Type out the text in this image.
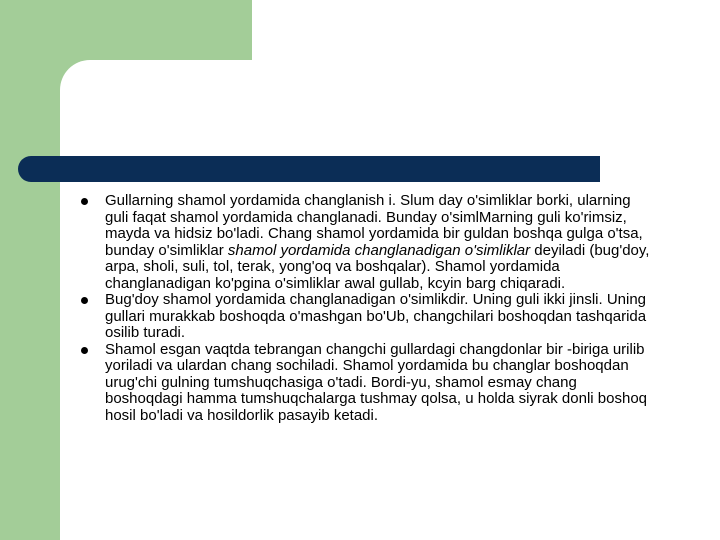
Gullarning shamol yordamida changlanish i. Slum day o'simliklar borki, ularning guli faqat shamol yordamida changlanadi. Bunday o'simlMarning guli ko'rimsiz, mayda va hidsiz bo'ladi. Chang shamol yordamida bir guldan boshqa gulga o'tsa, bunday o'simliklar shamol yordamida changlanadigan o'simliklar deyiladi (bug'doy, arpa, sholi, suli, tol, terak, yong'oq va boshqalar). Shamol yordamida changlanadigan ko'pgina o'simliklar awal gullab, kcyin barg chiqaradi.
Bug'doy shamol yordamida changlanadigan o'simlikdir. Uning guli ikki jinsli. Uning gullari murakkab boshoqda o'mashgan bo'Ub, changchilari boshoqdan tashqarida osilib turadi.
Shamol esgan vaqtda tebrangan changchi gullardagi changdonlar bir -biriga urilib yoriladi va ulardan chang sochiladi. Shamol yordamida bu changlar boshoqdan urug'chi gulning tumshuqchasiga o'tadi. Bordi-yu, shamol esmay chang boshoqdagi hamma tumshuqchalarga tushmay qolsa, u holda siyrak donli boshoq hosil bo'ladi va hosildorlik pasayib ketadi.
